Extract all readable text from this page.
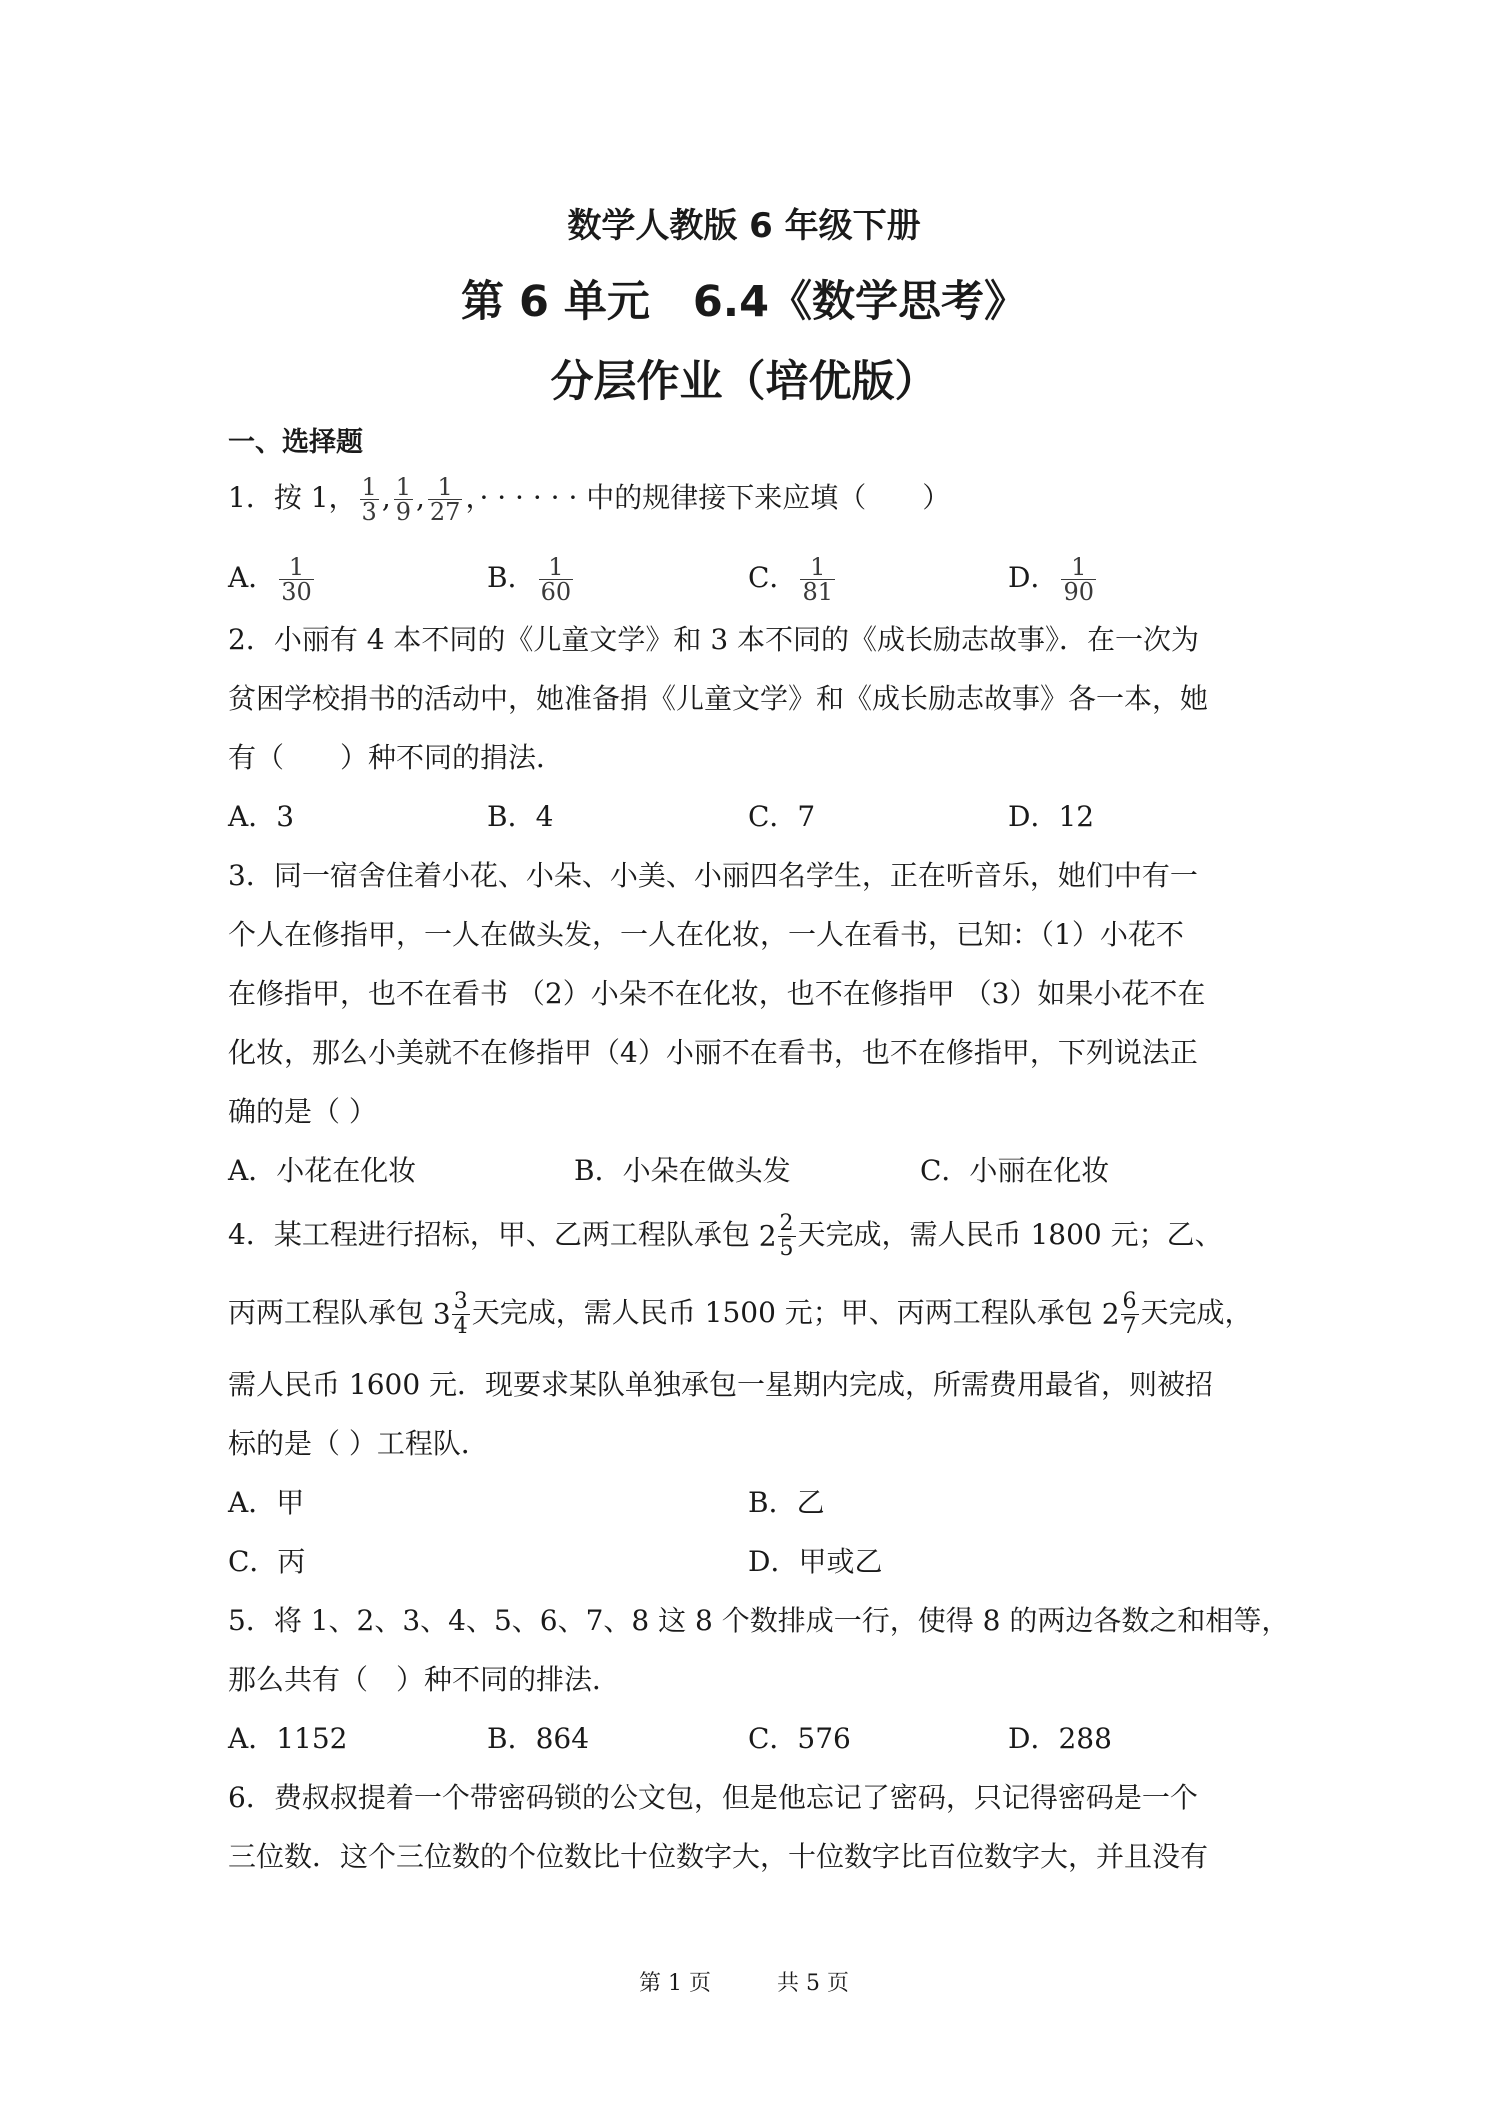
数学人教版 6 年级下册
第 6 单元　6.4《数学思考》
分层作业（培优版）
一、选择题
1．按 1， $\frac{1}{3}$ , $\frac{1}{9}$ , $\frac{1}{27}$ ，· · · · · · 中的规律接下来应填（　　）
A． $\frac{1}{30}$	B． $\frac{1}{60}$	C． $\frac{1}{81}$	D． $\frac{1}{90}$
2．小丽有 4 本不同的《儿童文学》和 3 本不同的《成长励志故事》．在一次为
贫困学校捐书的活动中，她准备捐《儿童文学》和《成长励志故事》各一本，她
有（　　）种不同的捐法．
A．3	B．4	C．7	D．12
3．同一宿舍住着小花、小朵、小美、小丽四名学生，正在听音乐，她们中有一
个人在修指甲，一人在做头发，一人在化妆，一人在看书，已知：（1）小花不
在修指甲，也不在看书 （2）小朵不在化妆，也不在修指甲 （3）如果小花不在
化妆，那么小美就不在修指甲（4）小丽不在看书，也不在修指甲，下列说法正
确的是（ ）
A．小花在化妆	B．小朵在做头发	C．小丽在化妆
4．某工程进行招标，甲、乙两工程队承包 $2 \frac{2}{5}$ 天完成，需人民币 1800 元；乙、
丙两工程队承包 $3 \frac{3}{4}$ 天完成，需人民币 1500 元；甲、丙两工程队承包 $2 \frac{6}{7}$ 天完成，
需人民币 1600 元．现要求某队单独承包一星期内完成，所需费用最省，则被招
标的是（ ）工程队．
A．甲	B．乙
C．丙	D．甲或乙
5．将 1、2、3、4、5、6、7、8 这 8 个数排成一行，使得 8 的两边各数之和相等，
那么共有（　）种不同的排法．
A．1152	B．864	C．576	D．288
6．费叔叔提着一个带密码锁的公文包，但是他忘记了密码，只记得密码是一个
三位数．这个三位数的个位数比十位数字大，十位数字比百位数字大，并且没有
第 1 页　　　共 5 页
